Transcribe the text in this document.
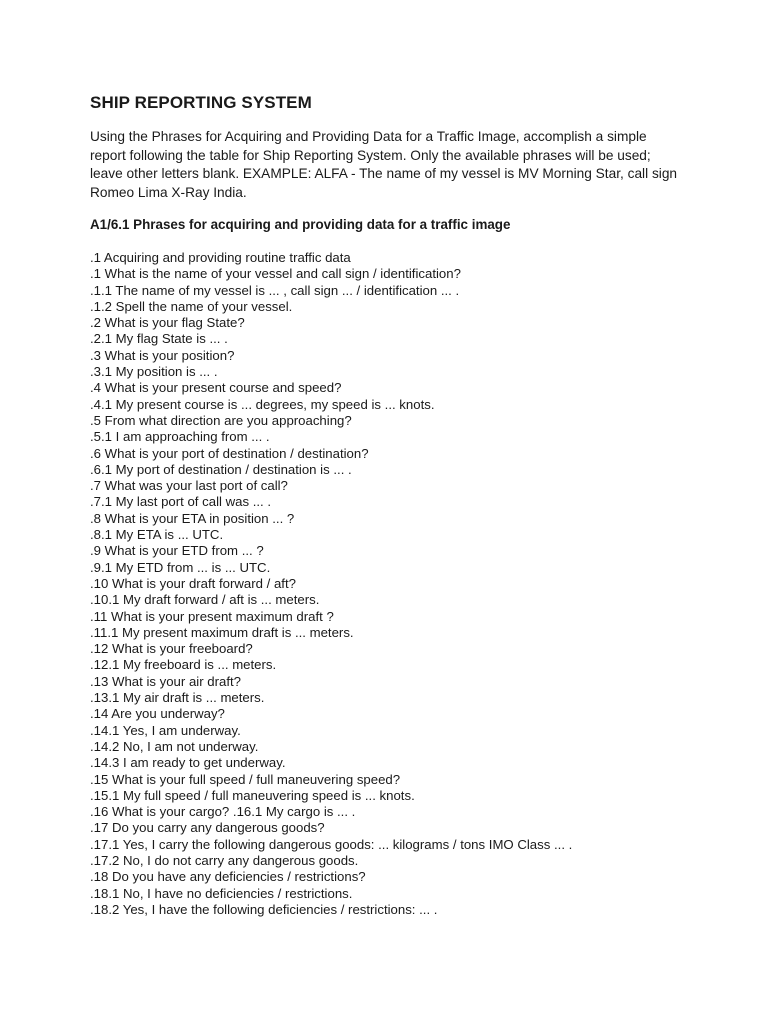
SHIP REPORTING SYSTEM

Using the Phrases for Acquiring and Providing Data for a Traffic Image, accomplish a simple report following the table for Ship Reporting System. Only the available phrases will be used; leave other letters blank. EXAMPLE: ALFA - The name of my vessel is MV Morning Star, call sign Romeo Lima X-Ray India.

A1/6.1 Phrases for acquiring and providing data for a traffic image
.1 Acquiring and providing routine traffic data
.1 What is the name of your vessel and call sign / identification?
.1.1 The name of my vessel is ... , call sign ... / identification ... .
.1.2 Spell the name of your vessel.
.2 What is your flag State?
.2.1 My flag State is ... .
.3 What is your position?
.3.1 My position is ... .
.4 What is your present course and speed?
.4.1 My present course is ... degrees, my speed is ... knots.
.5 From what direction are you approaching?
.5.1 I am approaching from ... .
.6 What is your port of destination / destination?
.6.1 My port of destination / destination is ... .
.7 What was your last port of call?
.7.1 My last port of call was ... .
.8 What is your ETA in position ... ?
.8.1 My ETA is ... UTC.
.9 What is your ETD from ... ?
.9.1 My ETD from ... is ... UTC.
.10 What is your draft forward / aft?
.10.1 My draft forward / aft is ... meters.
.11 What is your present maximum draft ?
.11.1 My present maximum draft is ... meters.
.12 What is your freeboard?
.12.1 My freeboard is ... meters.
.13 What is your air draft?
.13.1 My air draft is ... meters.
.14 Are you underway?
.14.1 Yes, I am underway.
.14.2 No, I am not underway.
.14.3 I am ready to get underway.
.15 What is your full speed / full maneuvering speed?
.15.1 My full speed / full maneuvering speed is ... knots.
.16 What is your cargo? .16.1 My cargo is ... .
.17 Do you carry any dangerous goods?
.17.1 Yes, I carry the following dangerous goods: ... kilograms / tons IMO Class ... .
.17.2 No, I do not carry any dangerous goods.
.18 Do you have any deficiencies / restrictions?
.18.1 No, I have no deficiencies / restrictions.
.18.2 Yes, I have the following deficiencies / restrictions: ... .
